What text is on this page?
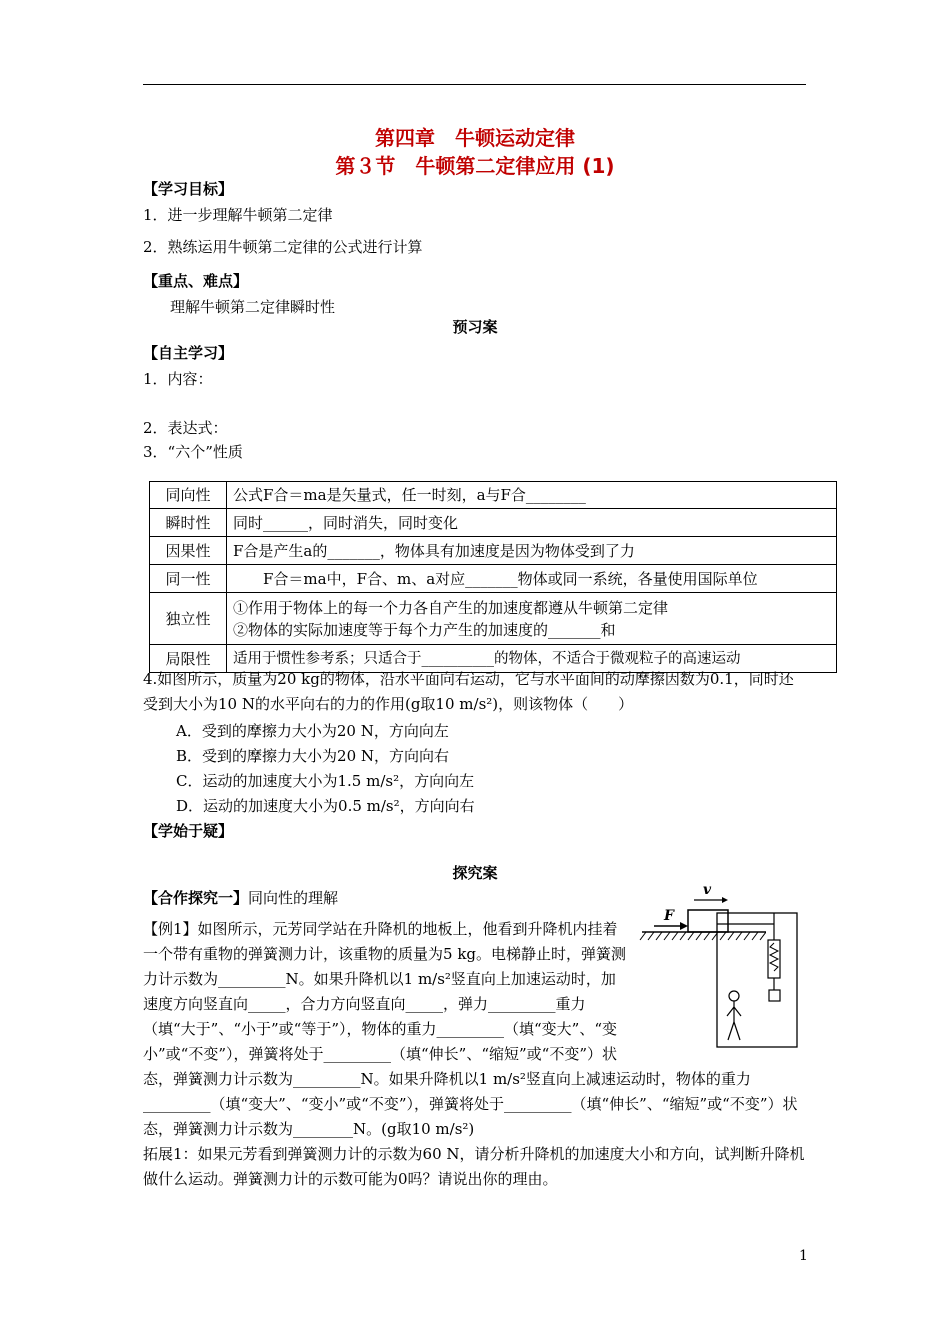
第四章　牛顿运动定律
第３节　牛顿第二定律应用 (1)
【学习目标】
1．进一步理解牛顿第二定律
2．熟练运用牛顿第二定律的公式进行计算
【重点、难点】
理解牛顿第二定律瞬时性
预习案
【自主学习】
1．内容：
2．表达式：
3．“六个”性质
同向性	公式F合＝ma是矢量式，任一时刻，a与F合________
瞬时性	同时______，同时消失，同时变化
因果性	F合是产生a的_______，物体具有加速度是因为物体受到了力
同一性	　　F合＝ma中，F合、m、a对应_______物体或同一系统，各量使用国际单位
独立性	①作用于物体上的每一个力各自产生的加速度都遵从牛顿第二定律
②物体的实际加速度等于每个力产生的加速度的_______和

局限性	适用于惯性参考系；只适合于__________的物体，不适合于微观粒子的高速运动
4.如图所示，质量为20 kg的物体，沿水平面向右运动，它与水平面间的动摩擦因数为0.1，同时还受到大小为10 N的水平向右的力的作用(g取10 m/s²)，则该物体（　　）
A．受到的摩擦力大小为20 N，方向向左
B．受到的摩擦力大小为20 N，方向向右
C．运动的加速度大小为1.5 m/s²，方向向左
D．运动的加速度大小为0.5 m/s²，方向向右
【学始于疑】
探究案
【合作探究一】同向性的理解
F
v
【例1】如图所示，元芳同学站在升降机的地板上，他看到升降机内挂着一个带有重物的弹簧测力计，该重物的质量为5 kg。电梯静止时，弹簧测力计示数为_________N。如果升降机以1 m/s²竖直向上加速运动时，加速度方向竖直向_____，合力方向竖直向_____，弹力_________重力（填“大于”、“小于”或“等于”），物体的重力_________（填“变大”、“变小”或“不变”），弹簧将处于_________（填“伸长”、“缩短”或“不变”）状态，弹簧测力计示数为_________N。如果升降机以1 m/s²竖直向上减速运动时，物体的重力_________（填“变大”、“变小”或“不变”），弹簧将处于_________（填“伸长”、“缩短”或“不变”）状态，弹簧测力计示数为________N。(g取10 m/s²)
拓展1：如果元芳看到弹簧测力计的示数为60 N，请分析升降机的加速度大小和方向，试判断升降机做什么运动。弹簧测力计的示数可能为0吗？请说出你的理由。
1
